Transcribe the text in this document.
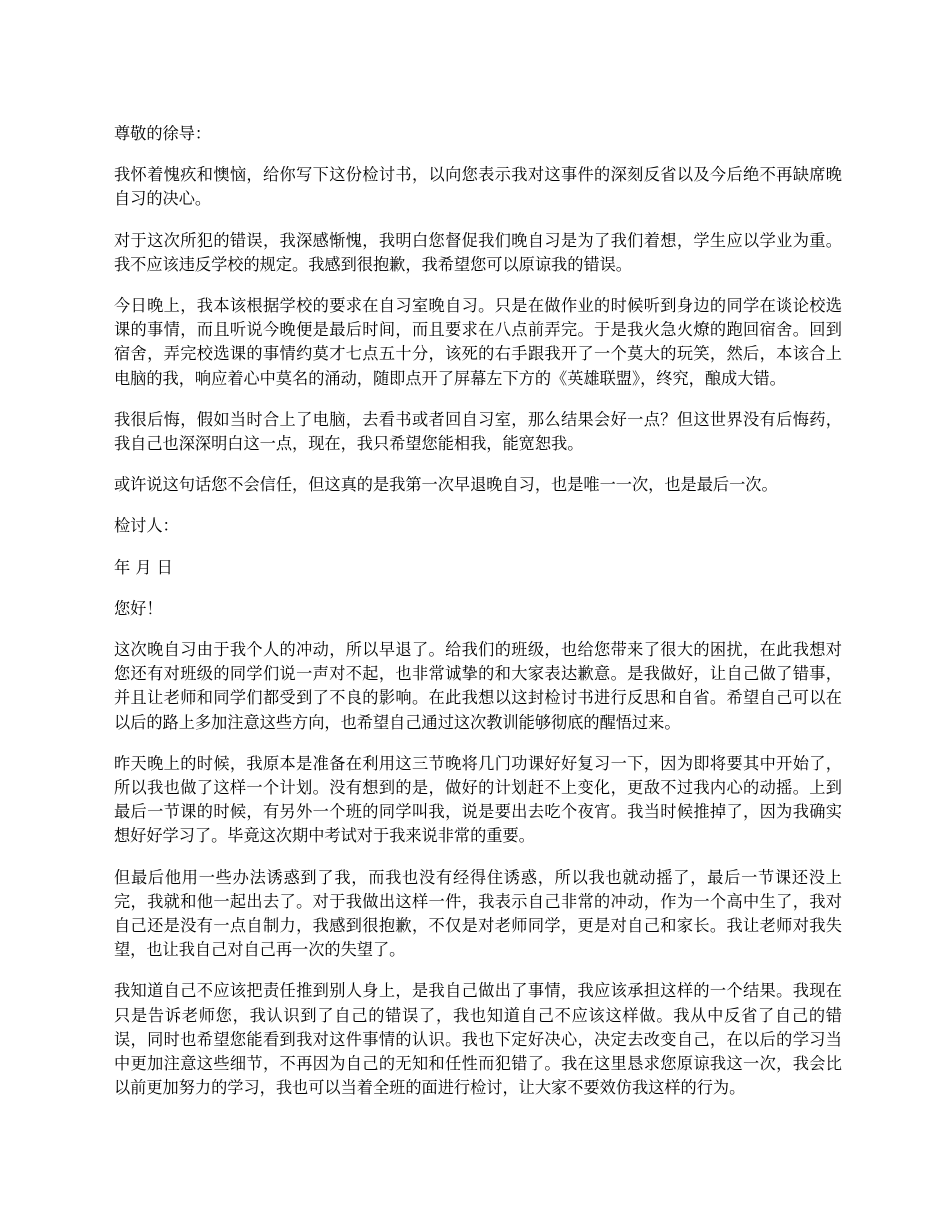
尊敬的徐导：

我怀着愧疚和懊恼，给你写下这份检讨书，以向您表示我对这事件的深刻反省以及今后绝不再缺席晚自习的决心。

对于这次所犯的错误，我深感惭愧，我明白您督促我们晚自习是为了我们着想，学生应以学业为重。我不应该违反学校的规定。我感到很抱歉，我希望您可以原谅我的错误。

今日晚上，我本该根据学校的要求在自习室晚自习。只是在做作业的时候听到身边的同学在谈论校选课的事情，而且听说今晚便是最后时间，而且要求在八点前弄完。于是我火急火燎的跑回宿舍。回到宿舍，弄完校选课的事情约莫才七点五十分，该死的右手跟我开了一个莫大的玩笑，然后，本该合上电脑的我，响应着心中莫名的涌动，随即点开了屏幕左下方的《英雄联盟》，终究，酿成大错。

我很后悔，假如当时合上了电脑，去看书或者回自习室，那么结果会好一点？但这世界没有后悔药，我自己也深深明白这一点，现在，我只希望您能相我，能宽恕我。

或许说这句话您不会信任，但这真的是我第一次早退晚自习，也是唯一一次，也是最后一次。

检讨人：

年 月 日

您好！

这次晚自习由于我个人的冲动，所以早退了。给我们的班级，也给您带来了很大的困扰，在此我想对您还有对班级的同学们说一声对不起，也非常诚挚的和大家表达歉意。是我做好，让自己做了错事，并且让老师和同学们都受到了不良的影响。在此我想以这封检讨书进行反思和自省。希望自己可以在以后的路上多加注意这些方向，也希望自己通过这次教训能够彻底的醒悟过来。

昨天晚上的时候，我原本是准备在利用这三节晚将几门功课好好复习一下，因为即将要其中开始了，所以我也做了这样一个计划。没有想到的是，做好的计划赶不上变化，更敌不过我内心的动摇。上到最后一节课的时候，有另外一个班的同学叫我，说是要出去吃个夜宵。我当时候推掉了，因为我确实想好好学习了。毕竟这次期中考试对于我来说非常的重要。

但最后他用一些办法诱惑到了我，而我也没有经得住诱惑，所以我也就动摇了，最后一节课还没上完，我就和他一起出去了。对于我做出这样一件，我表示自己非常的冲动，作为一个高中生了，我对自己还是没有一点自制力，我感到很抱歉，不仅是对老师同学，更是对自己和家长。我让老师对我失望，也让我自己对自己再一次的失望了。

我知道自己不应该把责任推到别人身上，是我自己做出了事情，我应该承担这样的一个结果。我现在只是告诉老师您，我认识到了自己的错误了，我也知道自己不应该这样做。我从中反省了自己的错误，同时也希望您能看到我对这件事情的认识。我也下定好决心，决定去改变自己，在以后的学习当中更加注意这些细节，不再因为自己的无知和任性而犯错了。我在这里恳求您原谅我这一次，我会比以前更加努力的学习，我也可以当着全班的面进行检讨，让大家不要效仿我这样的行为。
